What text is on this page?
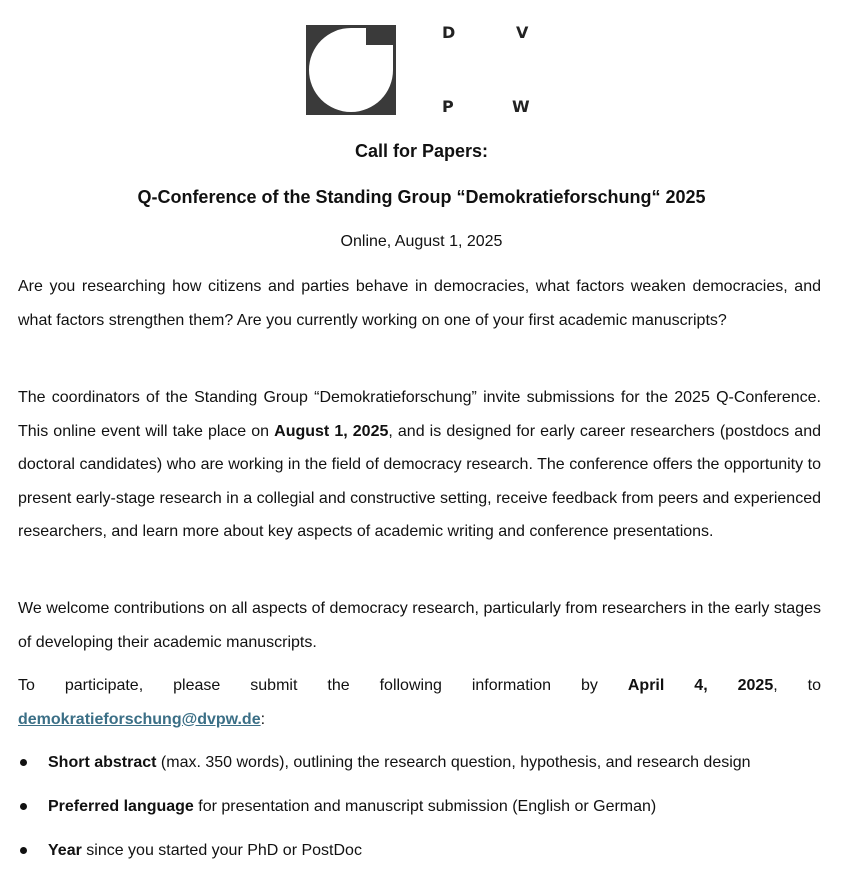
D	V
P	W
Call for Papers:
Q-Conference of the Standing Group “Demokratieforschung“ 2025
Online, August 1, 2025

Are you researching how citizens and parties behave in democracies, what factors weaken democracies, and what factors strengthen them? Are you currently working on one of your first academic manuscripts?

The coordinators of the Standing Group “Demokratieforschung” invite submissions for the 2025 Q-Conference. This online event will take place on August 1, 2025, and is designed for early career researchers (postdocs and doctoral candidates) who are working in the field of democracy research. The conference offers the opportunity to present early-stage research in a collegial and constructive setting, receive feedback from peers and experienced researchers, and learn more about key aspects of academic writing and conference presentations.

We welcome contributions on all aspects of democracy research, particularly from researchers in the early stages of developing their academic manuscripts.

To participate, please submit the following information by April 4, 2025, to
demokratieforschung@dvpw.de:

Short abstract (max. 350 words), outlining the research question, hypothesis, and research design
Preferred language for presentation and manuscript submission (English or German)
Year since you started your PhD or PostDoc
